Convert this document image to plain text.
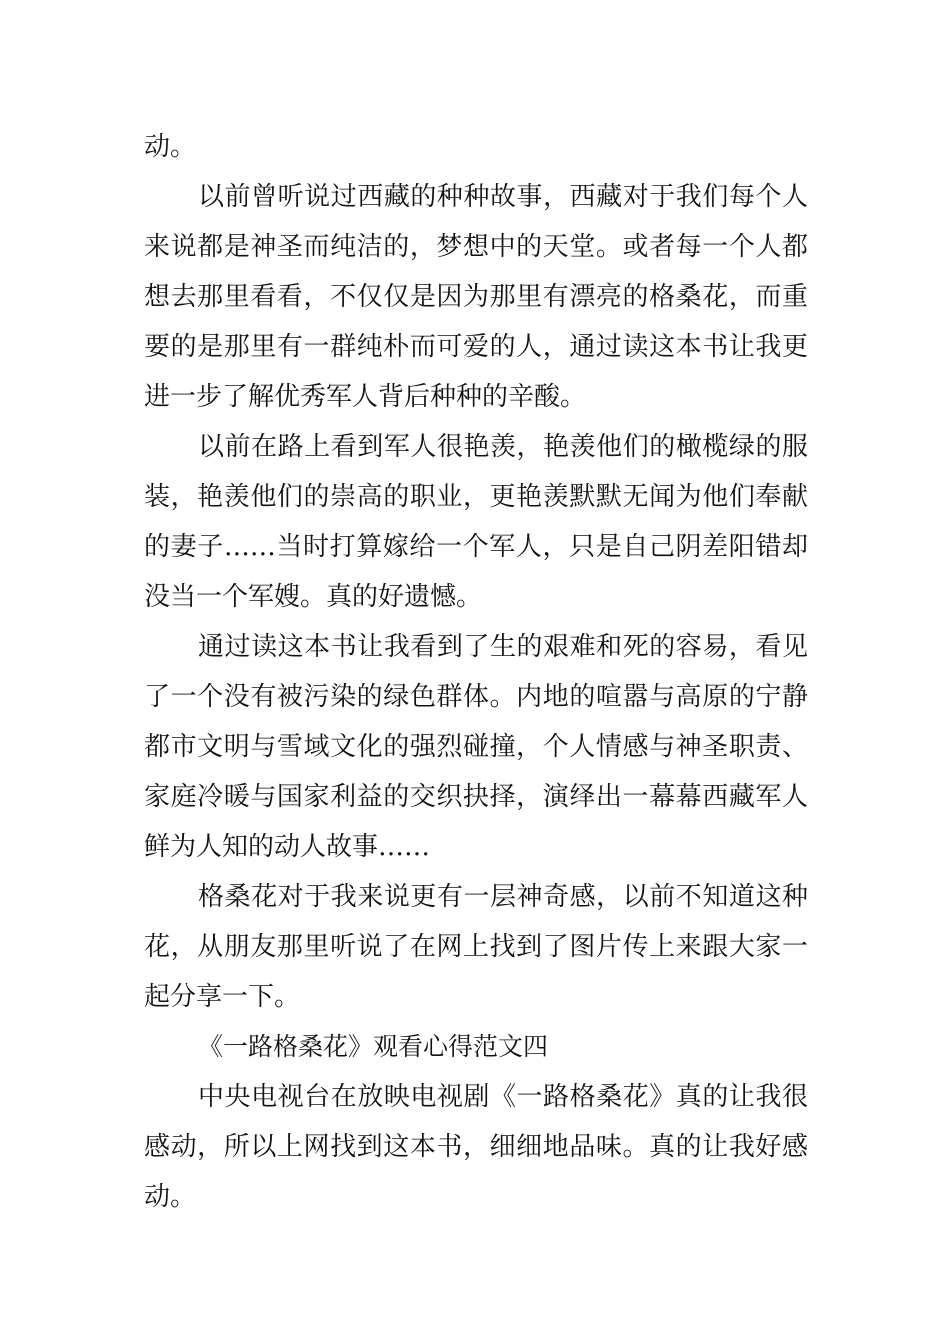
动。

以前曾听说过西藏的种种故事，西藏对于我们每个人来说都是神圣而纯洁的，梦想中的天堂。或者每一个人都想去那里看看，不仅仅是因为那里有漂亮的格桑花，而重要的是那里有一群纯朴而可爱的人，通过读这本书让我更进一步了解优秀军人背后种种的辛酸。

以前在路上看到军人很艳羡，艳羡他们的橄榄绿的服装，艳羡他们的崇高的职业，更艳羡默默无闻为他们奉献的妻子……当时打算嫁给一个军人，只是自己阴差阳错却没当一个军嫂。真的好遗憾。

通过读这本书让我看到了生的艰难和死的容易，看见了一个没有被污染的绿色群体。内地的喧嚣与高原的宁静都市文明与雪域文化的强烈碰撞，个人情感与神圣职责、家庭冷暖与国家利益的交织抉择，演绎出一幕幕西藏军人鲜为人知的动人故事……

格桑花对于我来说更有一层神奇感，以前不知道这种花，从朋友那里听说了在网上找到了图片传上来跟大家一起分享一下。

《一路格桑花》观看心得范文四

中央电视台在放映电视剧《一路格桑花》真的让我很感动，所以上网找到这本书，细细地品味。真的让我好感动。
